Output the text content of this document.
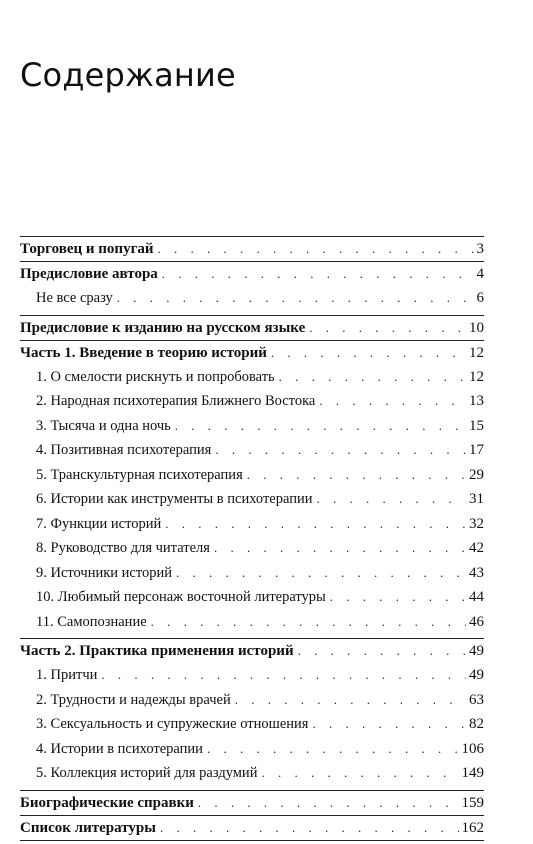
Содержание
Торговец и попугай . . .	3
Предисловие автора . . .	4
Не все сразу . . .	6
Предисловие к изданию на русском языке . . .	10
Часть 1. Введение в теорию историй . . .	12
1. О смелости рискнуть и попробовать . . .	12
2. Народная психотерапия Ближнего Востока . . .	13
3. Тысяча и одна ночь . . .	15
4. Позитивная психотерапия . . .	17
5. Транскультурная психотерапия . . .	29
6. Истории как инструменты в психотерапии . . .	31
7. Функции историй . . .	32
8. Руководство для читателя . . .	42
9. Источники историй . . .	43
10. Любимый персонаж восточной литературы . . .	44
11. Самопознание . . .	46
Часть 2. Практика применения историй . . .	49
1. Притчи . . .	49
2. Трудности и надежды врачей . . .	63
3. Сексуальность и супружеские отношения . . .	82
4. Истории в психотерапии . . .	106
5. Коллекция историй для раздумий . . .	149
Биографические справки . . .	159
Список литературы . . .	162
